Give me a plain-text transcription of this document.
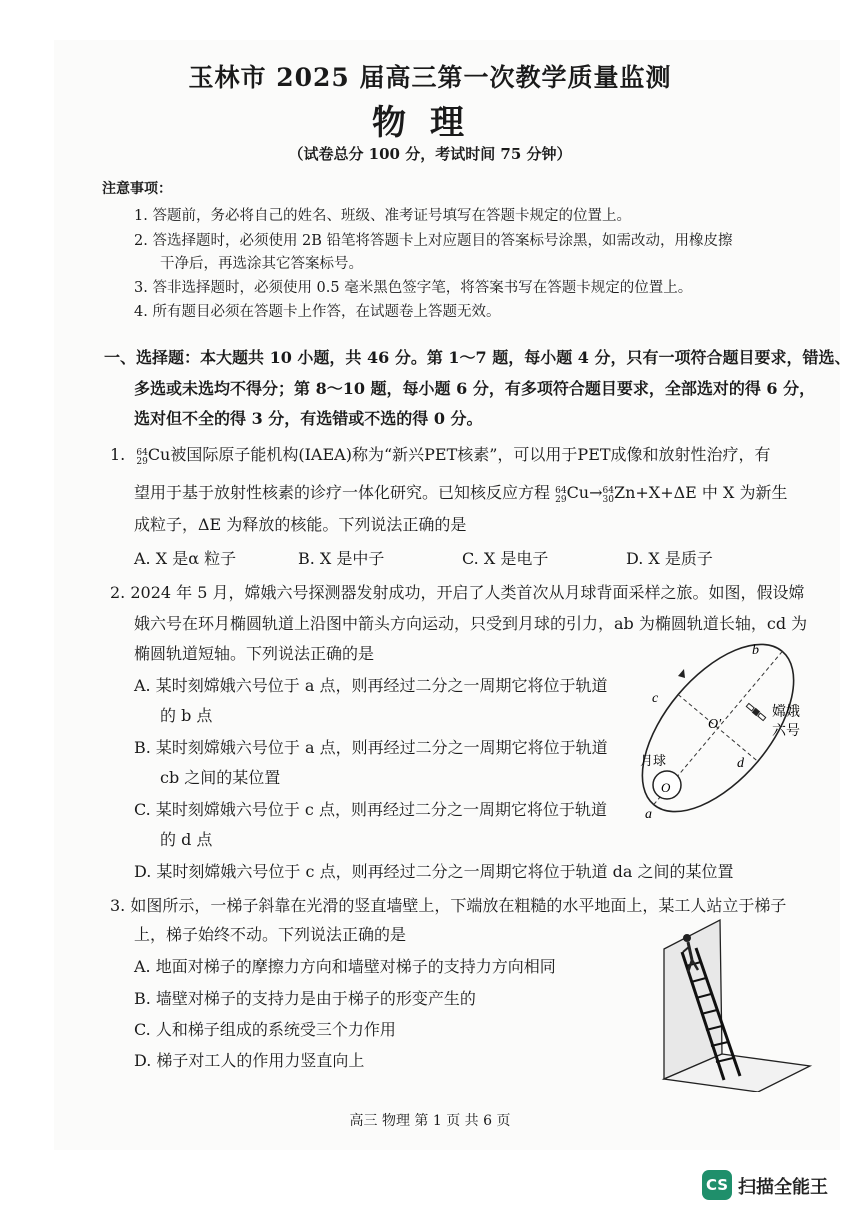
玉林市 2025 届高三第一次教学质量监测
物理
（试卷总分 100 分，考试时间 75 分钟）
注意事项：
1. 答题前，务必将自己的姓名、班级、准考证号填写在答题卡规定的位置上。
2. 答选择题时，必须使用 2B 铅笔将答题卡上对应题目的答案标号涂黑，如需改动，用橡皮擦
干净后，再选涂其它答案标号。
3. 答非选择题时，必须使用 0.5 毫米黑色签字笔，将答案书写在答题卡规定的位置上。
4. 所有题目必须在答题卡上作答，在试题卷上答题无效。
一、选择题：本大题共 10 小题，共 46 分。第 1～7 题，每小题 4 分，只有一项符合题目要求，错选、
多选或未选均不得分；第 8～10 题，每小题 6 分，有多项符合题目要求，全部选对的得 6 分，
选对但不全的得 3 分，有选错或不选的得 0 分。
1. 64
29Cu被国际原子能机构(IAEA)称为“新兴PET核素”，可以用于PET成像和放射性治疗，有
望用于基于放射性核素的诊疗一体化研究。已知核反应方程 64
29Cu→64
30Zn+X+ΔE 中 X 为新生
成粒子，ΔE 为释放的核能。下列说法正确的是
A. X 是α 粒子	B. X 是中子	C. X 是电子	D. X 是质子
2. 2024 年 5 月，嫦娥六号探测器发射成功，开启了人类首次从月球背面采样之旅。如图，假设嫦
娥六号在环月椭圆轨道上沿图中箭头方向运动，只受到月球的引力，ab 为椭圆轨道长轴，cd 为
椭圆轨道短轴。下列说法正确的是
A. 某时刻嫦娥六号位于 a 点，则再经过二分之一周期它将位于轨道
的 b 点
B. 某时刻嫦娥六号位于 a 点，则再经过二分之一周期它将位于轨道
cb 之间的某位置
C. 某时刻嫦娥六号位于 c 点，则再经过二分之一周期它将位于轨道
的 d 点
D. 某时刻嫦娥六号位于 c 点，则再经过二分之一周期它将位于轨道 da 之间的某位置
b
c
O′
d
月球
O
a
嫦娥
六号
3. 如图所示，一梯子斜靠在光滑的竖直墙壁上，下端放在粗糙的水平地面上，某工人站立于梯子
上，梯子始终不动。下列说法正确的是
A. 地面对梯子的摩擦力方向和墙壁对梯子的支持力方向相同
B. 墙壁对梯子的支持力是由于梯子的形变产生的
C. 人和梯子组成的系统受三个力作用
D. 梯子对工人的作用力竖直向上
高三 物理 第 1 页 共 6 页
CS 扫描全能王
